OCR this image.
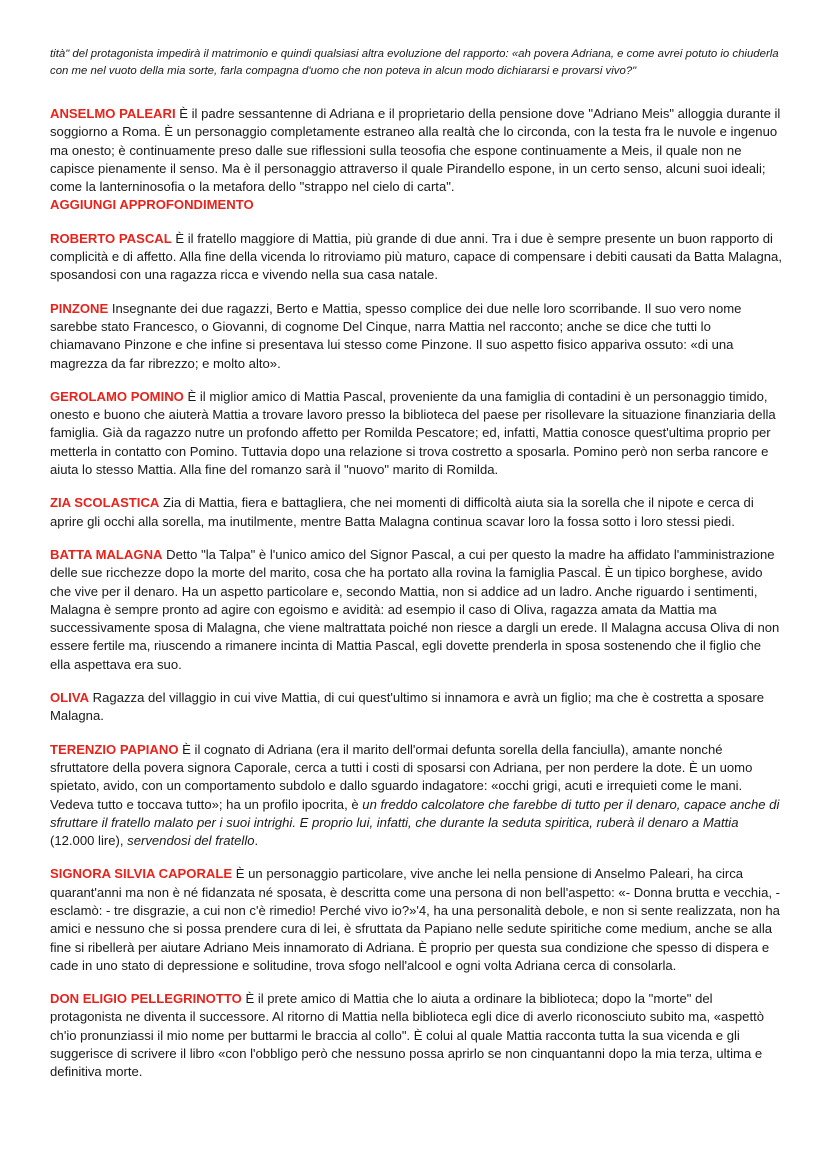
tità" del protagonista impedirà il matrimonio e quindi qualsiasi altra evoluzione del rapporto: «ah povera Adriana, e come avrei potuto io chiuderla con me nel vuoto della mia sorte, farla compagna d'uomo che non poteva in alcun modo dichiararsi e provarsi vivo?"

ANSELMO PALEARI È il padre sessantenne di Adriana e il proprietario della pensione dove "Adriano Meis" alloggia durante il soggiorno a Roma. È un personaggio completamente estraneo alla realtà che lo circonda, con la testa fra le nuvole e ingenuo ma onesto; è continuamente preso dalle sue riflessioni sulla teosofia che espone continuamente a Meis, il quale non ne capisce pienamente il senso. Ma è il personaggio attraverso il quale Pirandello espone, in un certo senso, alcuni suoi ideali; come la lanterninosofia o la metafora dello "strappo nel cielo di carta".
AGGIUNGI APPROFONDIMENTO

ROBERTO PASCAL È il fratello maggiore di Mattia, più grande di due anni. Tra i due è sempre presente un buon rapporto di complicità e di affetto. Alla fine della vicenda lo ritroviamo più maturo, capace di compensare i debiti causati da Batta Malagna, sposandosi con una ragazza ricca e vivendo nella sua casa natale.

PINZONE Insegnante dei due ragazzi, Berto e Mattia, spesso complice dei due nelle loro scorribande. Il suo vero nome sarebbe stato Francesco, o Giovanni, di cognome Del Cinque, narra Mattia nel racconto; anche se dice che tutti lo chiamavano Pinzone e che infine si presentava lui stesso come Pinzone. Il suo aspetto fisico appariva ossuto: «di una magrezza da far ribrezzo; e molto alto».

GEROLAMO POMINO È il miglior amico di Mattia Pascal, proveniente da una famiglia di contadini è un personaggio timido, onesto e buono che aiuterà Mattia a trovare lavoro presso la biblioteca del paese per risollevare la situazione finanziaria della famiglia. Già da ragazzo nutre un profondo affetto per Romilda Pescatore; ed, infatti, Mattia conosce quest'ultima proprio per metterla in contatto con Pomino. Tuttavia dopo una relazione si trova costretto a sposarla. Pomino però non serba rancore e aiuta lo stesso Mattia. Alla fine del romanzo sarà il "nuovo" marito di Romilda.

ZIA SCOLASTICA Zia di Mattia, fiera e battagliera, che nei momenti di difficoltà aiuta sia la sorella che il nipote e cerca di aprire gli occhi alla sorella, ma inutilmente, mentre Batta Malagna continua scavar loro la fossa sotto i loro stessi piedi.

BATTA MALAGNA Detto "la Talpa" è l'unico amico del Signor Pascal, a cui per questo la madre ha affidato l'amministrazione delle sue ricchezze dopo la morte del marito, cosa che ha portato alla rovina la famiglia Pascal. È un tipico borghese, avido che vive per il denaro. Ha un aspetto particolare e, secondo Mattia, non si addice ad un ladro. Anche riguardo i sentimenti, Malagna è sempre pronto ad agire con egoismo e avidità: ad esempio il caso di Oliva, ragazza amata da Mattia ma successivamente sposa di Malagna, che viene maltrattata poiché non riesce a dargli un erede. Il Malagna accusa Oliva di non essere fertile ma, riuscendo a rimanere incinta di Mattia Pascal, egli dovette prenderla in sposa sostenendo che il figlio che ella aspettava era suo.

OLIVA Ragazza del villaggio in cui vive Mattia, di cui quest'ultimo si innamora e avrà un figlio; ma che è costretta a sposare Malagna.

TERENZIO PAPIANO È il cognato di Adriana (era il marito dell'ormai defunta sorella della fanciulla), amante nonché sfruttatore della povera signora Caporale, cerca a tutti i costi di sposarsi con Adriana, per non perdere la dote. È un uomo spietato, avido, con un comportamento subdolo e dallo sguardo indagatore: «occhi grigi, acuti e irrequieti come le mani. Vedeva tutto e toccava tutto»; ha un profilo ipocrita, è un freddo calcolatore che farebbe di tutto per il denaro, capace anche di sfruttare il fratello malato per i suoi intrighi. E proprio lui, infatti, che durante la seduta spiritica, ruberà il denaro a Mattia (12.000 lire), servendosi del fratello.

SIGNORA SILVIA CAPORALE È un personaggio particolare, vive anche lei nella pensione di Anselmo Paleari, ha circa quarant'anni ma non è né fidanzata né sposata, è descritta come una persona di non bell'aspetto: «- Donna brutta e vecchia, - esclamò: - tre disgrazie, a cui non c'è rimedio! Perché vivo io?»'4, ha una personalità debole, e non si sente realizzata, non ha amici e nessuno che si possa prendere cura di lei, è sfruttata da Papiano nelle sedute spiritiche come medium, anche se alla fine si ribellerà per aiutare Adriano Meis innamorato di Adriana. È proprio per questa sua condizione che spesso di dispera e cade in uno stato di depressione e solitudine, trova sfogo nell'alcool e ogni volta Adriana cerca di consolarla.

DON ELIGIO PELLEGRINOTTO È il prete amico di Mattia che lo aiuta a ordinare la biblioteca; dopo la "morte" del protagonista ne diventa il successore. Al ritorno di Mattia nella biblioteca egli dice di averlo riconosciuto subito ma, «aspettò ch'io pronunziassi il mio nome per buttarmi le braccia al collo". È colui al quale Mattia racconta tutta la sua vicenda e gli suggerisce di scrivere il libro «con l'obbligo però che nessuno possa aprirlo se non cinquantanni dopo la mia terza, ultima e definitiva morte.
